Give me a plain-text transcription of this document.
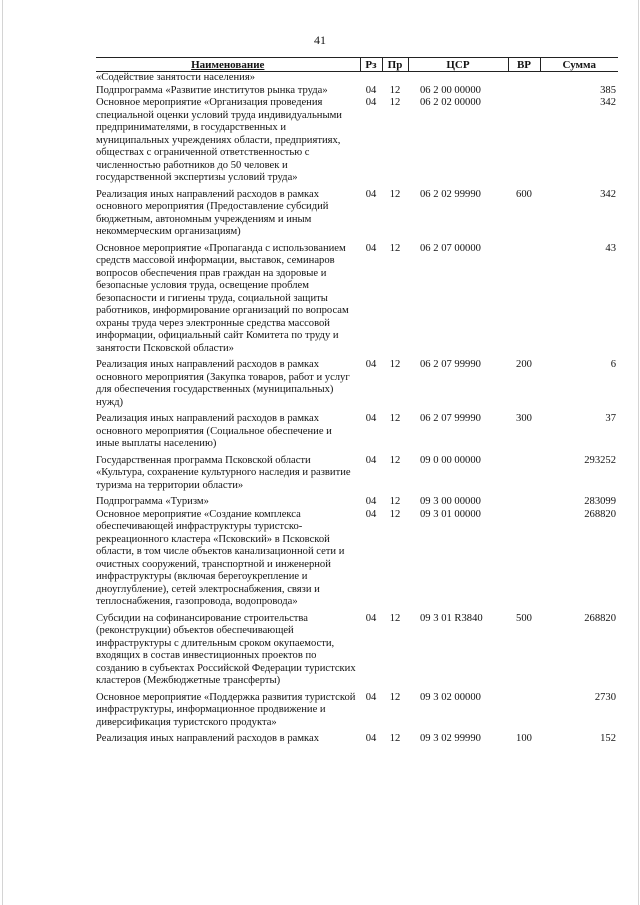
41
Наименование	Рз	Пр	ЦСР	ВР	Сумма
«Содействие занятости населения»					
Подпрограмма «Развитие институтов рынка труда»	04	12	06 2 00 00000		385
Основное мероприятие «Организация проведения специальной оценки условий труда индивидуальными предпринимателями, в государственных и муниципальных учреждениях области, предприятиях, обществах с ограниченной ответственностью с численностью работников до 50 человек и государственной экспертизы условий труда»	04	12	06 2 02 00000		342
Реализация иных направлений расходов в рамках основного мероприятия (Предоставление субсидий бюджетным, автономным учреждениям и иным некоммерческим организациям)	04	12	06 2 02 99990	600	342
Основное мероприятие «Пропаганда с использованием средств массовой информации, выставок, семинаров вопросов обеспечения прав граждан на здоровые и безопасные условия труда, освещение проблем безопасности и гигиены труда, социальной защиты работников, информирование организаций по вопросам охраны труда через электронные средства массовой информации, официальный сайт Комитета по труду и занятости Псковской области»	04	12	06 2 07 00000		43
Реализация иных направлений расходов в рамках основного мероприятия (Закупка товаров, работ и услуг для обеспечения государственных (муниципальных) нужд)	04	12	06 2 07 99990	200	6
Реализация иных направлений расходов в рамках основного мероприятия (Социальное обеспечение и иные выплаты населению)	04	12	06 2 07 99990	300	37
Государственная программа Псковской области «Культура, сохранение культурного наследия и развитие туризма на территории области»	04	12	09 0 00 00000		293252
Подпрограмма «Туризм»	04	12	09 3 00 00000		283099
Основное мероприятие «Создание комплекса обеспечивающей инфраструктуры туристско-рекреационного кластера «Псковский» в Псковской области, в том числе объектов канализационной сети и очистных сооружений, транспортной и инженерной инфраструктуры (включая берегоукрепление и дноуглубление), сетей электроснабжения, связи и теплоснабжения, газопровода, водопровода»	04	12	09 3 01 00000		268820
Субсидии на софинансирование строительства (реконструкции) объектов обеспечивающей инфраструктуры с длительным сроком окупаемости, входящих в состав инвестиционных проектов по созданию в субъектах Российской Федерации туристских кластеров (Межбюджетные трансферты)	04	12	09 3 01 R3840	500	268820
Основное мероприятие «Поддержка развития туристской инфраструктуры, информационное продвижение и диверсификация туристского продукта»	04	12	09 3 02 00000		2730
Реализация иных направлений расходов в рамках	04	12	09 3 02 99990	100	152
